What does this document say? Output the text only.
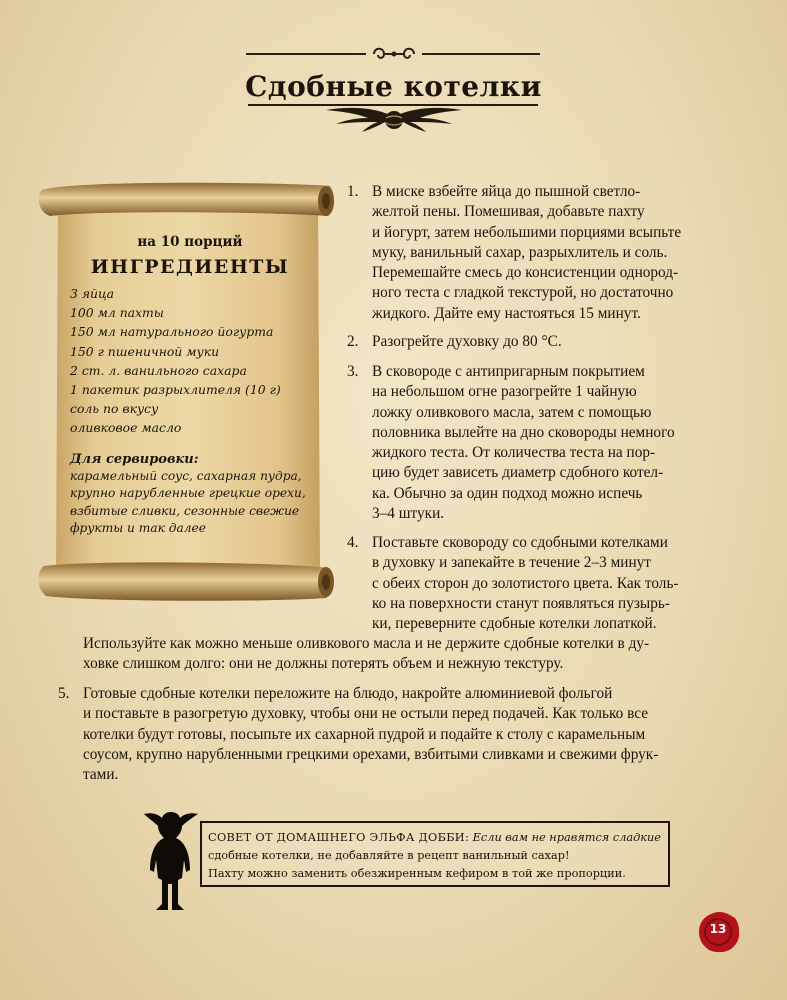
Сдобные котелки

на 10 порций

ИНГРЕДИЕНТЫ

3 яйца
100 мл пахты
150 мл натурального йогурта
150 г пшеничной муки
2 ст. л. ванильного сахара
1 пакетик разрыхлителя (10 г)
соль по вкусу
оливковое масло

Для сервировки:

карамельный соус, сахарная пудра,
крупно нарубленные грецкие орехи,
взбитые сливки, сезонные свежие
фрукты и так далее

1. В миске взбейте яйца до пышной светло-
желтой пены. Помешивая, добавьте пахту
и йогурт, затем небольшими порциями всыпьте
муку, ванильный сахар, разрыхлитель и соль.
Перемешайте смесь до консистенции однород-
ного теста с гладкой текстурой, но достаточно
жидкого. Дайте ему настояться 15 минут.
2. Разогрейте духовку до 80 °С.
3. В сковороде с антипригарным покрытием
на небольшом огне разогрейте 1 чайную
ложку оливкового масла, затем с помощью
половника вылейте на дно сковороды немного
жидкого теста. От количества теста на пор-
цию будет зависеть диаметр сдобного котел-
ка. Обычно за один подход можно испечь
3–4 штуки.
4. Поставьте сковороду со сдобными котелками
в духовку и запекайте в течение 2–3 минут
с обеих сторон до золотистого цвета. Как толь-
ко на поверхности станут появляться пузырь-
ки, переверните сдобные котелки лопаткой.
Используйте как можно меньше оливкового масла и не держите сдобные котелки в ду-
ховке слишком долго: они не должны потерять объем и нежную текстуру.
5. Готовые сдобные котелки переложите на блюдо, накройте алюминиевой фольгой
и поставьте в разогретую духовку, чтобы они не остыли перед подачей. Как только все
котелки будут готовы, посыпьте их сахарной пудрой и подайте к столу с карамельным
соусом, крупно нарубленными грецкими орехами, взбитыми сливками и свежими фрук-
тами.
СОВЕТ ОТ ДОМАШНЕГО ЭЛЬФА ДОББИ: Если вам не нравятся сладкие
сдобные котелки, не добавляйте в рецепт ванильный сахар!
Пахту можно заменить обезжиренным кефиром в той же пропорции.
13
